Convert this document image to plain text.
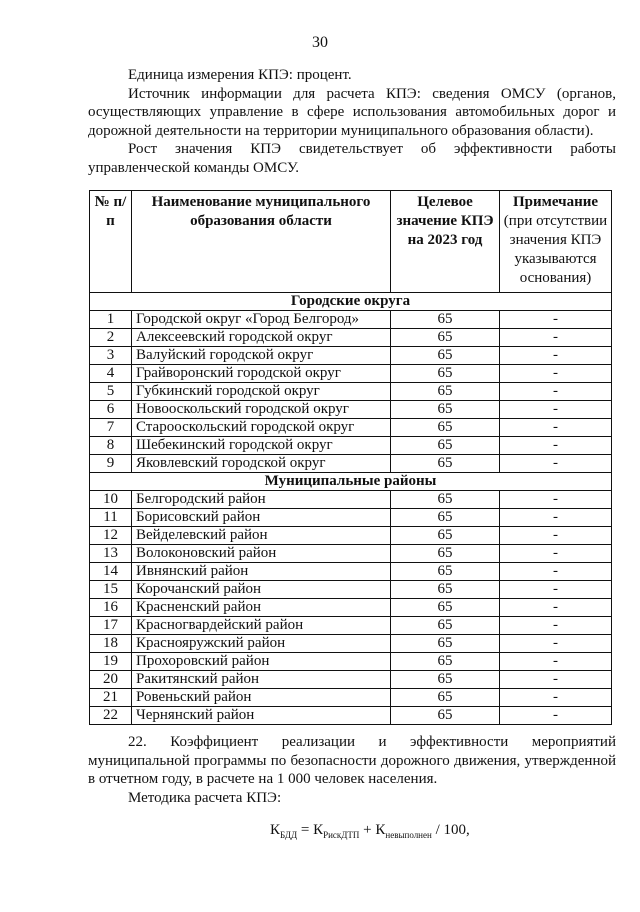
30

Единица измерения КПЭ: процент.

Источник информации для расчета КПЭ: сведения ОМСУ (органов, осуществляющих управление в сфере использования автомобильных дорог и дорожной деятельности на территории муниципального образования области).

Рост значения КПЭ свидетельствует об эффективности работы управленческой команды ОМСУ.

№ п/п	Наименование муниципального образования области	Целевое значение КПЭ на 2023 год	Примечание
(при отсутствии значения КПЭ указываются основания)
Городские округа			
1	Городской округ «Город Белгород»	65	-
2	Алексеевский городской округ	65	-
3	Валуйский городской округ	65	-
4	Грайворонский городской округ	65	-
5	Губкинский городской округ	65	-
6	Новооскольский городской округ	65	-
7	Старооскольский городской округ	65	-
8	Шебекинский городской округ	65	-
9	Яковлевский городской округ	65	-
Муниципальные районы			
10	Белгородский район	65	-
11	Борисовский район	65	-
12	Вейделевский район	65	-
13	Волоконовский район	65	-
14	Ивнянский район	65	-
15	Корочанский район	65	-
16	Красненский район	65	-
17	Красногвардейский район	65	-
18	Краснояружский район	65	-
19	Прохоровский район	65	-
20	Ракитянский район	65	-
21	Ровеньский район	65	-
22	Чернянский район	65	-

22. Коэффициент реализации и эффективности мероприятий муниципальной программы по безопасности дорожного движения, утвержденной в отчетном году, в расчете на 1 000 человек населения.

Методика расчета КПЭ:

$К_{БДД} = К_{РискДТП} + К_{невыполнен} / 100$,
